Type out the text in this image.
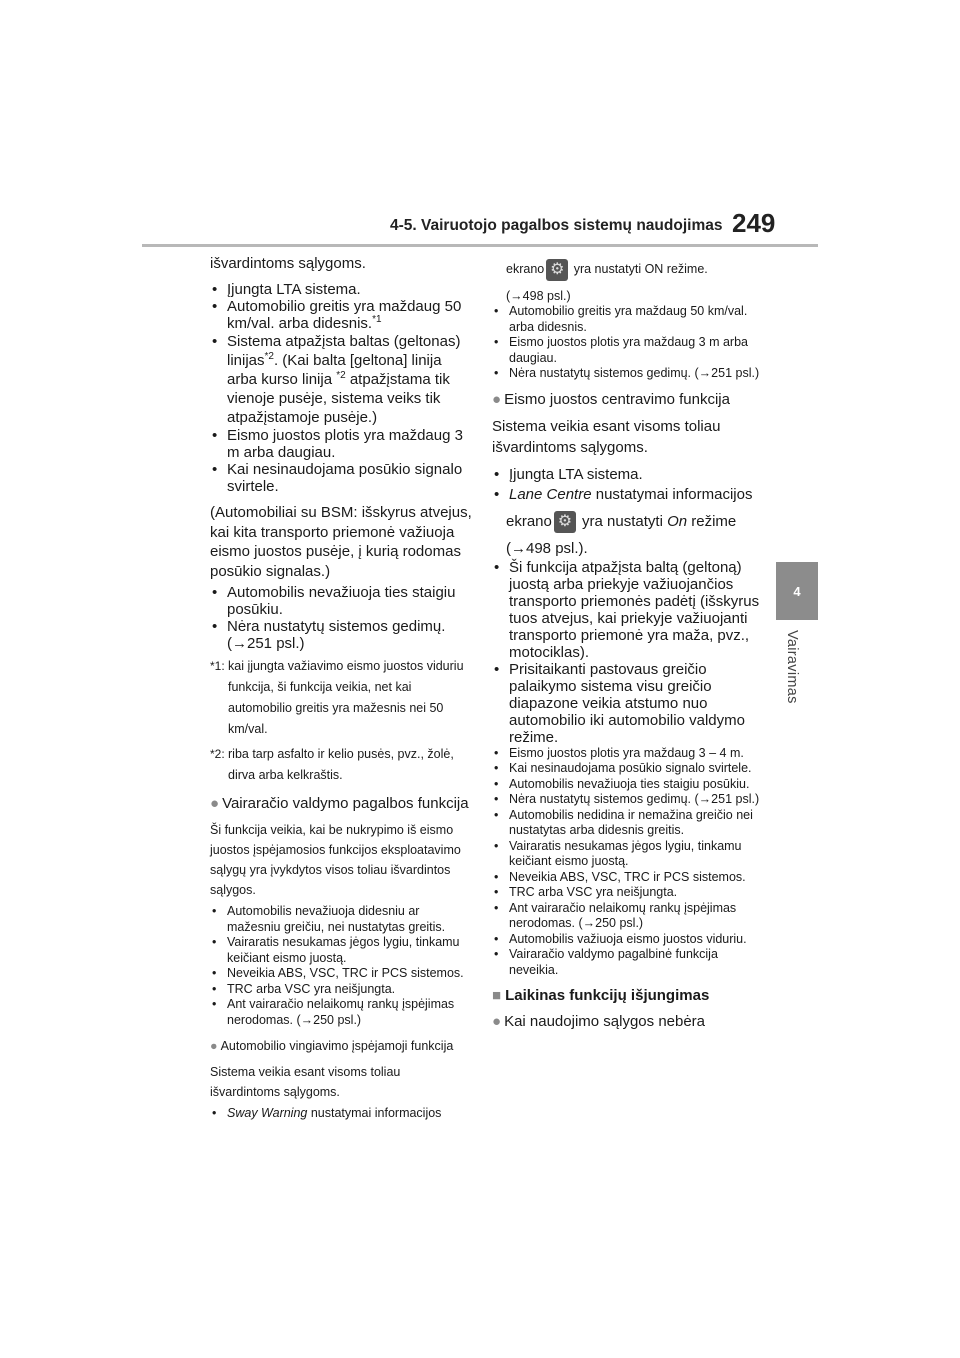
4-5. Vairuotojo pagalbos sistemų naudojimas 249
4
Vairavimas

išvardintoms sąlygoms.

• Įjungta LTA sistema.
• Automobilio greitis yra maždaug 50 km/val. arba didesnis.$^{*1}$
• Sistema atpažįsta baltas (geltonas) linijas$^{*2}$. (Kai balta [geltona] linija arba kurso linija $^{*2}$ atpažįstama tik vienoje pusėje, sistema veiks tik atpažįstamoje pusėje.)
• Eismo juostos plotis yra maždaug 3 m arba daugiau.
• Kai nesinaudojama posūkio signalo svirtele.

(Automobiliai su BSM: išskyrus atvejus, kai kita transporto priemonė važiuoja eismo juostos pusėje, į kurią rodomas posūkio signalas.)

• Automobilis nevažiuoja ties staigiu posūkiu.
• Nėra nustatytų sistemos gedimų. (→251 psl.)
*1: kai įjungta važiavimo eismo juostos viduriu funkcija, ši funkcija veikia, net kai automobilio greitis yra mažesnis nei 50 km/val.
*2: riba tarp asfalto ir kelio pusės, pvz., žolė, dirva arba kelkraštis.
● Vairaračio valdymo pagalbos funkcija

Ši funkcija veikia, kai be nukrypimo iš eismo juostos įspėjamosios funkcijos eksploatavimo sąlygų yra įvykdytos visos toliau išvardintos sąlygos.

• Automobilis nevažiuoja didesniu ar mažesniu greičiu, nei nustatytas greitis.
• Vairaratis nesukamas jėgos lygiu, tinkamu keičiant eismo juostą.
• Neveikia ABS, VSC, TRC ir PCS sistemos.
• TRC arba VSC yra neišjungta.
• Ant vairaračio nelaikomų rankų įspėjimas nerodomas. (→250 psl.)
● Automobilio vingiavimo įspėjamoji funkcija

Sistema veikia esant visoms toliau išvardintoms sąlygoms.

• Sway Warning nustatymai informacijos

ekrano ⚙ yra nustatyti ON režime.

(→498 psl.)

• Automobilio greitis yra maždaug 50 km/val. arba didesnis.
• Eismo juostos plotis yra maždaug 3 m arba daugiau.
• Nėra nustatytų sistemos gedimų. (→251 psl.)
● Eismo juostos centravimo funkcija

Sistema veikia esant visoms toliau išvardintoms sąlygoms.

• Įjungta LTA sistema.
• Lane Centre nustatymai informacijos

ekrano ⚙ yra nustatyti On režime

(→498 psl.).

• Ši funkcija atpažįsta baltą (geltoną) juostą arba priekyje važiuojančios transporto priemonės padėtį (išskyrus tuos atvejus, kai priekyje važiuojanti transporto priemonė yra maža, pvz., motociklas).
• Prisitaikanti pastovaus greičio palaikymo sistema visu greičio diapazone veikia atstumo nuo automobilio iki automobilio valdymo režime.
• Eismo juostos plotis yra maždaug 3 – 4 m.
• Kai nesinaudojama posūkio signalo svirtele.
• Automobilis nevažiuoja ties staigiu posūkiu.
• Nėra nustatytų sistemos gedimų. (→251 psl.)
• Automobilis nedidina ir nemažina greičio nei nustatytas arba didesnis greitis.
• Vairaratis nesukamas jėgos lygiu, tinkamu keičiant eismo juostą.
• Neveikia ABS, VSC, TRC ir PCS sistemos.
• TRC arba VSC yra neišjungta.
• Ant vairaračio nelaikomų rankų įspėjimas nerodomas. (→250 psl.)
• Automobilis važiuoja eismo juostos viduriu.
• Vairaračio valdymo pagalbinė funkcija neveikia.
■ Laikinas funkcijų išjungimas
● Kai naudojimo sąlygos nebėra
